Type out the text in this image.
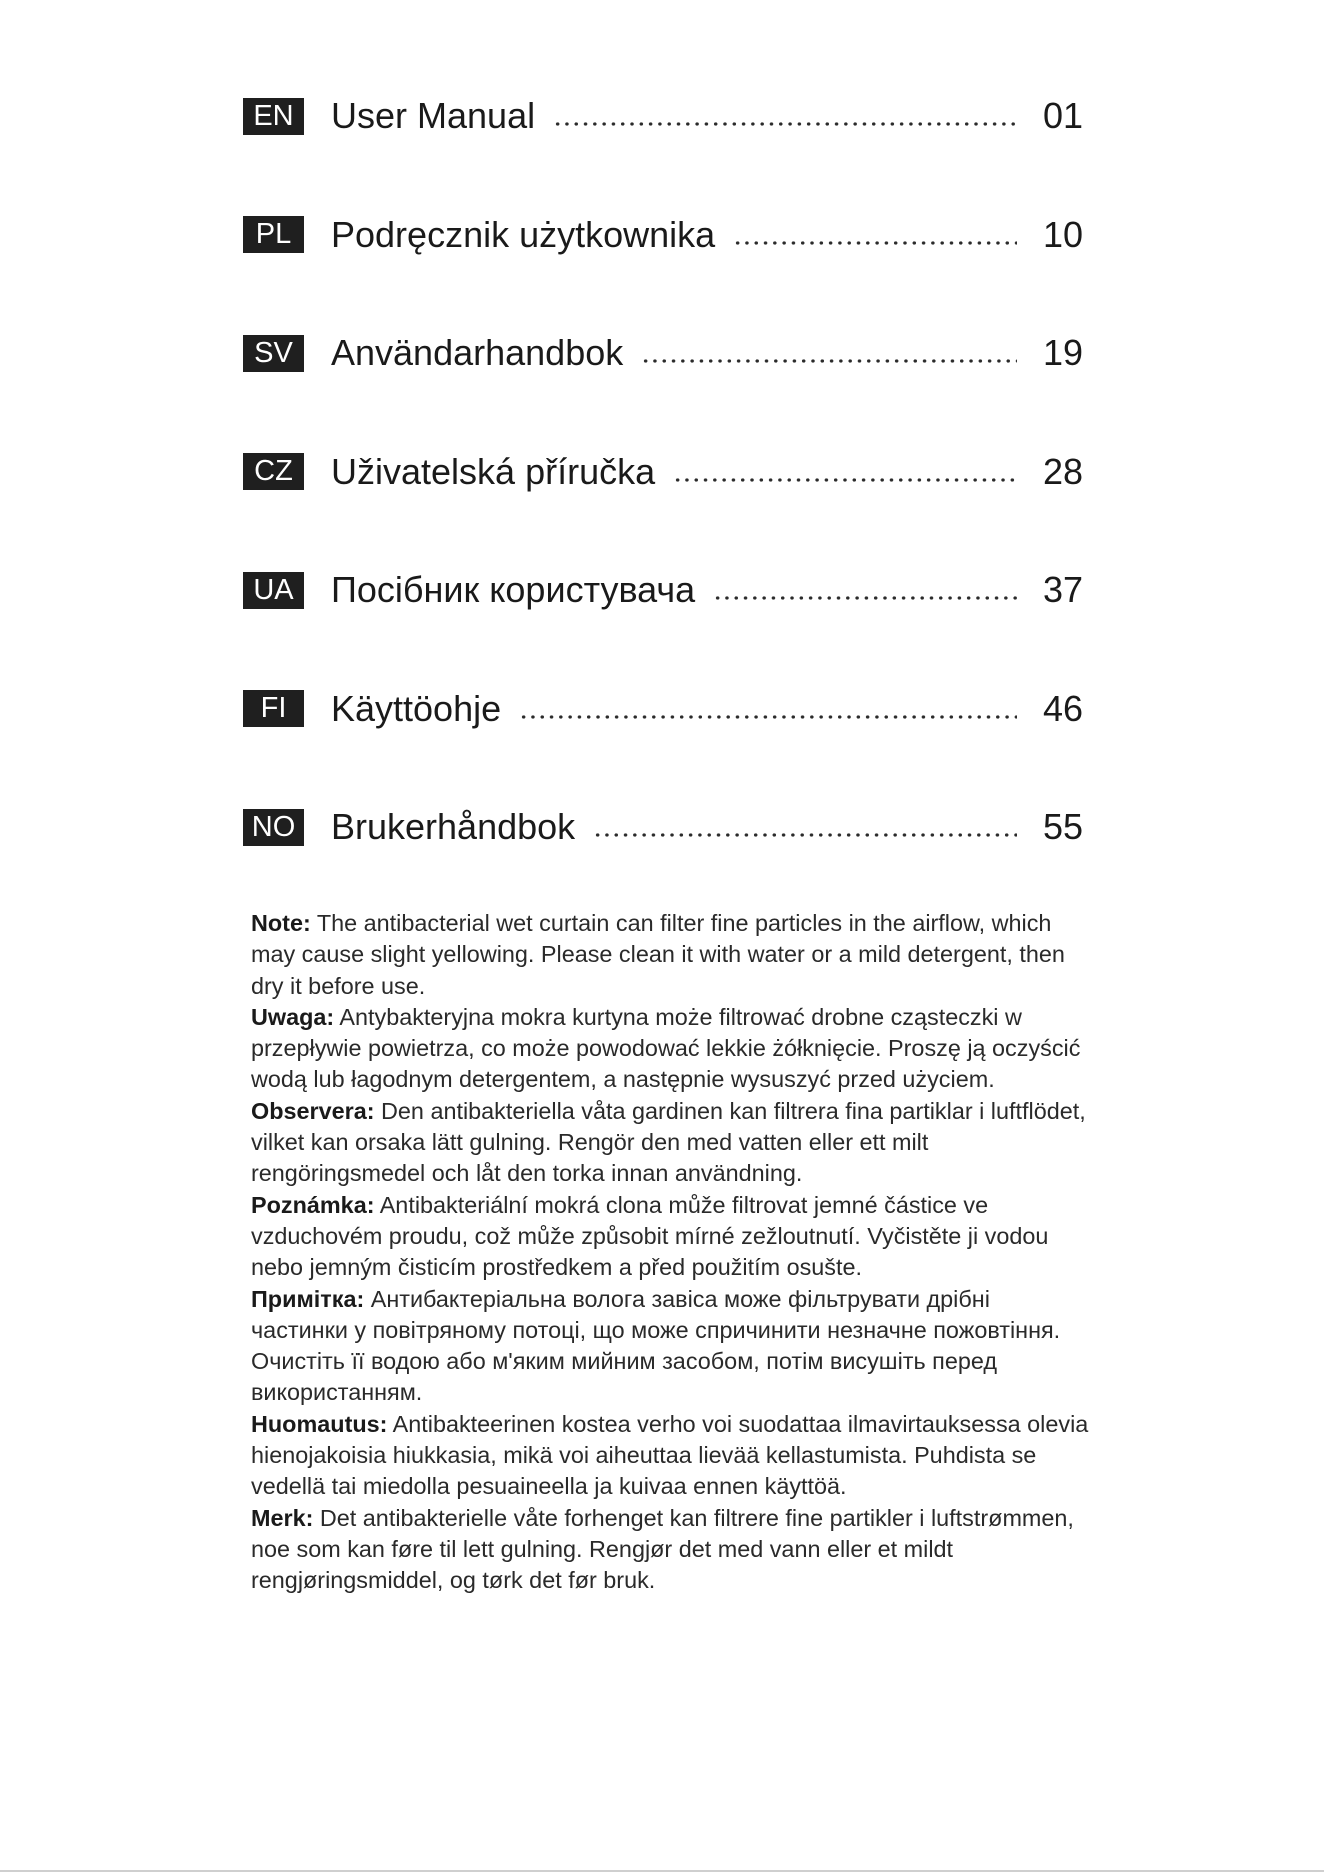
EN User Manual	01
PL	Podręcznik użytkownika	10
SV	Användarhandbok	19
CZ	Uživatelská příručka	28
UA Посібник користувача	37
FI	Käyttöohje	46
NO Brukerhåndbok	55

Note: The antibacterial wet curtain can filter fine particles in the airflow, which may cause slight yellowing. Please clean it with water or a mild detergent, then dry it before use.

Uwaga: Antybakteryjna mokra kurtyna może filtrować drobne cząsteczki w przepływie powietrza, co może powodować lekkie żółknięcie. Proszę ją oczyścić wodą lub łagodnym detergentem, a następnie wysuszyć przed użyciem.

Observera: Den antibakteriella våta gardinen kan filtrera fina partiklar i luftflödet, vilket kan orsaka lätt gulning. Rengör den med vatten eller ett milt rengöringsmedel och låt den torka innan användning.

Poznámka: Antibakteriální mokrá clona může filtrovat jemné částice ve vzduchovém proudu, což může způsobit mírné zežloutnutí. Vyčistěte ji vodou nebo jemným čisticím prostředkem a před použitím osušte.

Примітка: Антибактеріальна волога завіса може фільтрувати дрібні частинки у повітряному потоці, що може спричинити незначне пожовтіння. Очистіть її водою або м'яким мийним засобом, потім висушіть перед використанням.

Huomautus: Antibakteerinen kostea verho voi suodattaa ilmavirtauksessa olevia hienojakoisia hiukkasia, mikä voi aiheuttaa lievää kellastumista. Puhdista se vedellä tai miedolla pesuaineella ja kuivaa ennen käyttöä.

Merk: Det antibakterielle våte forhenget kan filtrere fine partikler i luftstrømmen, noe som kan føre til lett gulning. Rengjør det med vann eller et mildt rengjøringsmiddel, og tørk det før bruk.
